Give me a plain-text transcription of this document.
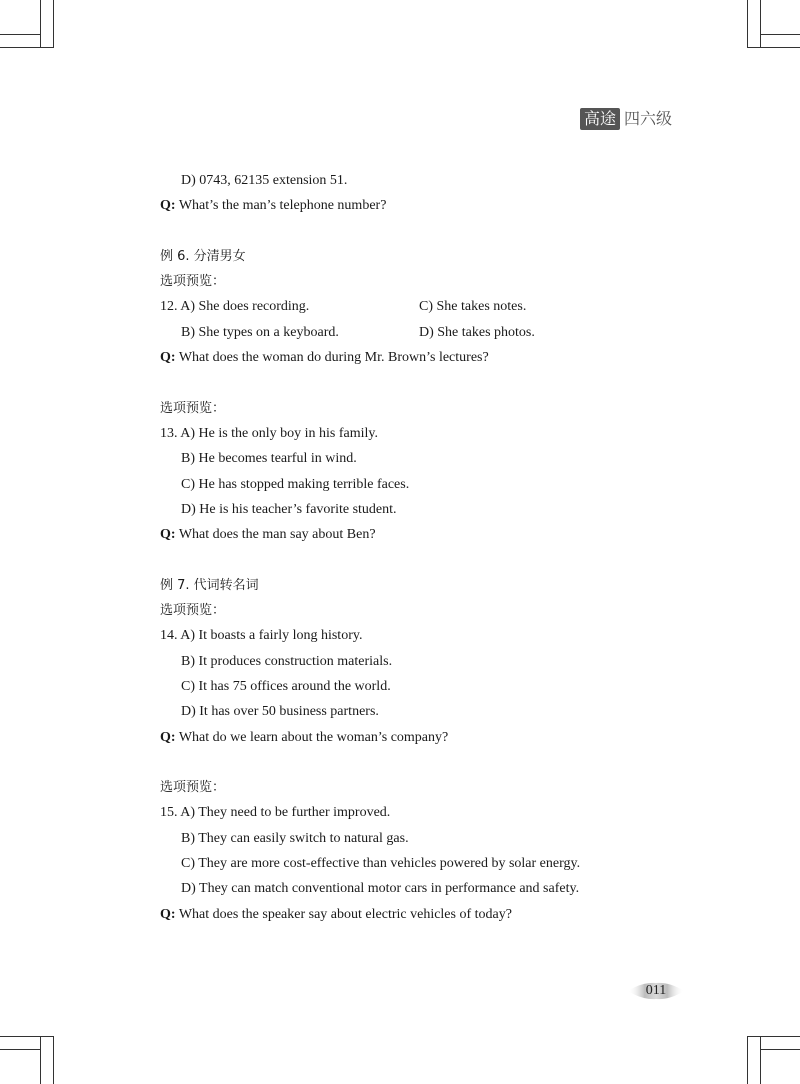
高途 四六级
D) 0743, 62135 extension 51.
Q: What’s the man’s telephone number?
例 6. 分清男女
选项预览：
12. A) She does recording.	C) She takes notes.
B) She types on a keyboard.	D) She takes photos.
Q: What does the woman do during Mr. Brown’s lectures?
选项预览：
13. A) He is the only boy in his family.
B) He becomes tearful in wind.
C) He has stopped making terrible faces.
D) He is his teacher’s favorite student.
Q: What does the man say about Ben?
例 7. 代词转名词
选项预览：
14. A) It boasts a fairly long history.
B) It produces construction materials.
C) It has 75 offices around the world.
D) It has over 50 business partners.
Q: What do we learn about the woman’s company?
选项预览：
15. A) They need to be further improved.
B) They can easily switch to natural gas.
C) They are more cost-effective than vehicles powered by solar energy.
D) They can match conventional motor cars in performance and safety.
Q: What does the speaker say about electric vehicles of today?
011
